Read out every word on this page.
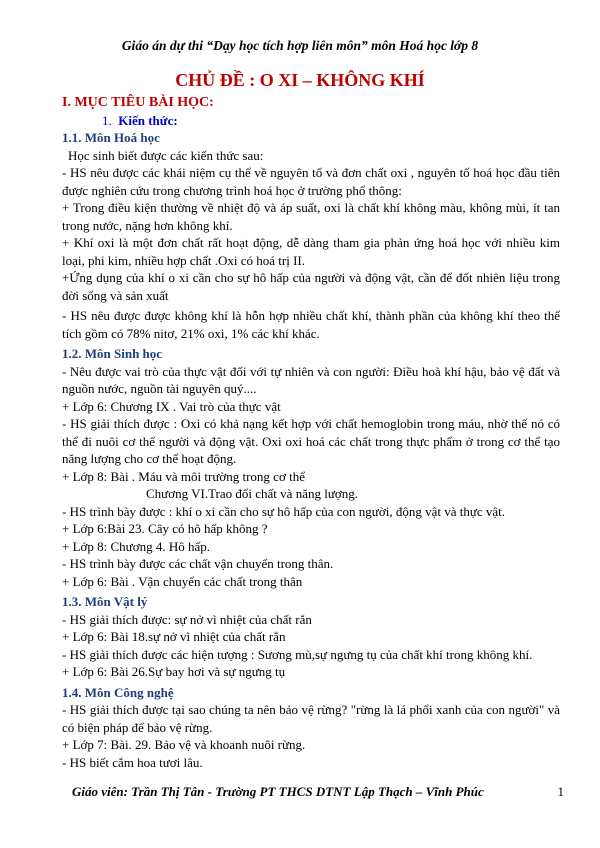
Giáo án dự thi “Dạy học tích hợp liên môn” môn Hoá học lớp 8
CHỦ ĐỀ : O XI – KHÔNG KHÍ

I. MỤC TIÊU BÀI HỌC:

1. Kiến thức:

1.1. Môn Hoá học

Học sinh biết được các kiến thức sau:

- HS nêu được các khái niệm cụ thể về nguyên tố và đơn chất oxi , nguyên tố hoá học đầu tiên được nghiên cứu trong chương trình hoá học ở trường phổ thông:

+ Trong điều kiện thường về nhiệt độ và áp suất, oxi là chất khí không màu, không mùi, ít tan trong nước, nặng hơn không khí.

+ Khí oxi là một đơn chất rất hoạt động, dễ dàng tham gia phản ứng hoá học với nhiều kim loại, phi kim, nhiều hợp chất .Oxi có hoá trị II.

+Ứng dụng của khí o xi cần cho sự hô hấp của người và động vật, cần để đốt nhiên liệu trong đời sống và sản xuất

- HS nêu được được không khí là hỗn hợp nhiều chất khí, thành phần của không khí theo thể tích gồm có 78% nitơ, 21% oxi, 1% các khí khác.

1.2. Môn Sinh học

- Nêu được vai trò của thực vật đối với tự nhiên và con người: Điều hoà khí hậu, bảo vệ đất và nguồn nước, nguồn tài nguyên quý....

+ Lớp 6: Chương IX . Vai trò của thực vật

- HS giải thích được : Oxi có khả nạng kết hợp với chất hemoglobin trong máu, nhờ thế nó có thể đi nuôi cơ thể người và động vật. Oxi oxi hoá các chất trong thực phẩm ở trong cơ thể tạo năng lượng cho cơ thể hoạt động.

+ Lớp 8: Bài . Máu và môi trường trong cơ thể

Chương VI.Trao đổi chất và năng lượng.

- HS trình bày được : khí o xi cần cho sự hô hấp của con người, động vật và thực vật.

+ Lớp 6:Bài 23. Cây có hô hấp không ?

+ Lớp 8: Chương 4. Hô hấp.

- HS trình bày được các chất vận chuyển trong thân.

+ Lớp 6: Bài . Vận chuyển các chất trong thân

1.3. Môn Vật lý

- HS giải thích được: sự nở vì nhiệt của chất rắn

+ Lớp 6: Bài 18.sự nở vì nhiệt của chất rắn

- HS giải thích được các hiện tượng : Sương mù,sự ngưng tụ của chất khí trong không khí.

+ Lớp 6: Bài 26.Sự bay hơi và sự ngưng tụ

1.4. Môn Công nghệ

- HS giải thích được tại sao chúng ta nên bảo vệ rừng? "rừng là lá phổi xanh của con người" và có biện pháp để bảo vệ rừng.

+ Lớp 7: Bài. 29. Bảo vệ và khoanh nuôi rừng.

- HS biết cắm hoa tươi lâu.

Giáo viên: Trần Thị Tân - Trường PT THCS DTNT Lập Thạch – Vĩnh Phúc	1
